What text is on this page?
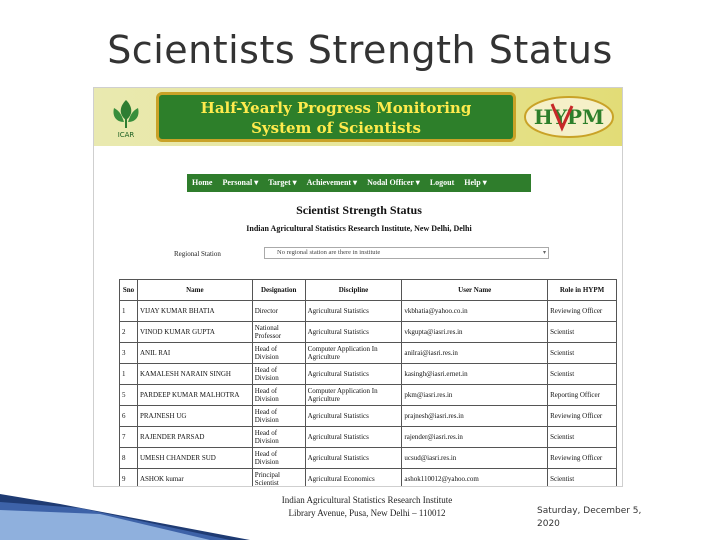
Scientists Strength Status
ICAR
Half-Yearly Progress Monitoring
System of Scientists	HYPM
Home	Personal ▾	Target ▾	Achievement ▾	Nodal Officer ▾	Logout	Help ▾
Scientist Strength Status
Indian Agricultural Statistics Research Institute, New Delhi, Delhi
Regional Station	No regional station are there in institute	▾
Sno	Name	Designation	Discipline	User Name	Role in HYPM
1	VIJAY KUMAR BHATIA	Director	Agricultural Statistics	vkbhatia@yahoo.co.in	Reviewing Officer
2	VINOD KUMAR GUPTA	National Professor	Agricultural Statistics	vkgupta@iasri.res.in	Scientist
3	ANIL RAI	Head of Division	Computer Application In Agriculture	anilrai@iasri.res.in	Scientist
1	KAMALESH NARAIN SINGH	Head of Division	Agricultural Statistics	kasingh@iasri.ernet.in	Scientist
5	PARDEEP KUMAR MALHOTRA	Head of Division	Computer Application In Agriculture	pkm@iasri.res.in	Reporting Officer
6	PRAJNESH UG	Head of Division	Agricultural Statistics	prajnesh@iasri.res.in	Reviewing Officer
7	RAJENDER PARSAD	Head of Division	Agricultural Statistics	rajender@iasri.res.in	Scientist
8	UMESH CHANDER SUD	Head of Division	Agricultural Statistics	ucsud@iasri.res.in	Reviewing Officer
9	ASHOK kumar	Principal Scientist	Agricultural Economics	ashok110012@yahoo.com	Scientist
Indian Agricultural Statistics Research Institute
Library Avenue, Pusa, New Delhi – 110012	Saturday, December 5, 2020
